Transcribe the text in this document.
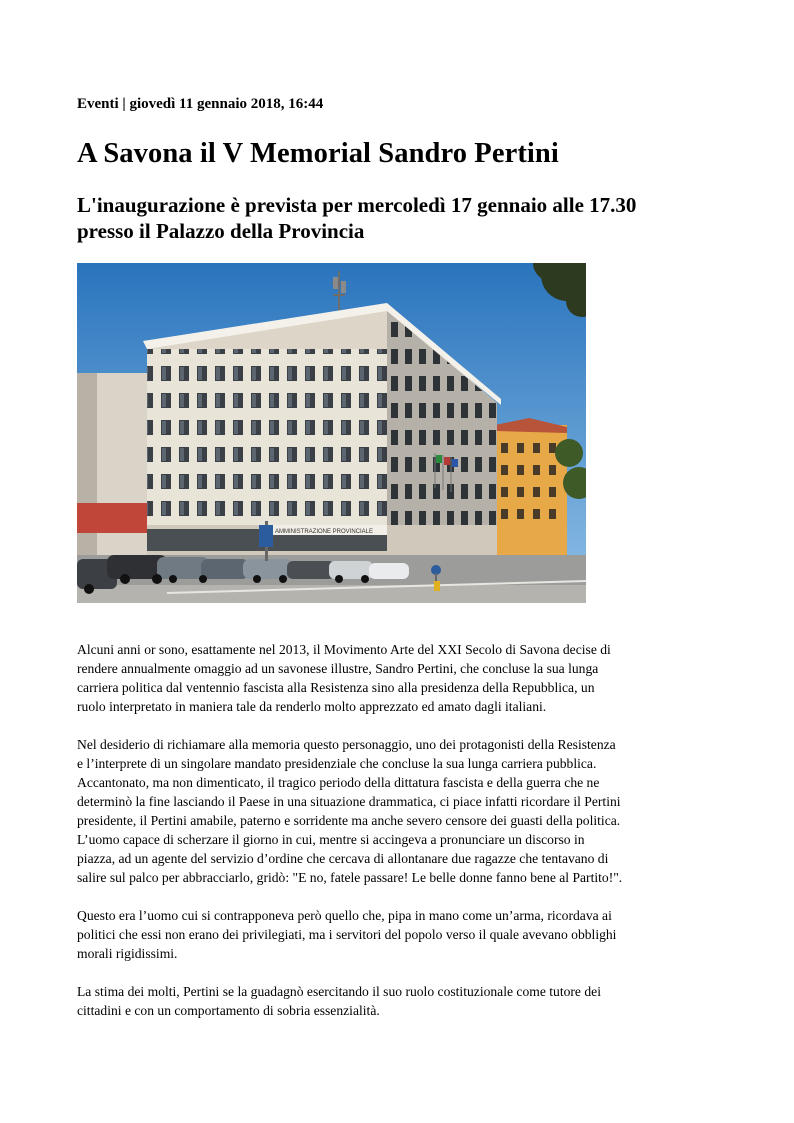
Eventi | giovedì 11 gennaio 2018, 16:44
A Savona il V Memorial Sandro Pertini
L'inaugurazione è prevista per mercoledì 17 gennaio alle 17.30
presso il Palazzo della Provincia
AMMINISTRAZIONE PROVINCIALE

Alcuni anni or sono, esattamente nel 2013, il Movimento Arte del XXI Secolo di Savona decise di
rendere annualmente omaggio ad un savonese illustre, Sandro Pertini, che concluse la sua lunga
carriera politica dal ventennio fascista alla Resistenza sino alla presidenza della Repubblica, un
ruolo interpretato in maniera tale da renderlo molto apprezzato ed amato dagli italiani.

Nel desiderio di richiamare alla memoria questo personaggio, uno dei protagonisti della Resistenza
e l’interprete di un singolare mandato presidenziale che concluse la sua lunga carriera pubblica.
Accantonato, ma non dimenticato, il tragico periodo della dittatura fascista e della guerra che ne
determinò la fine lasciando il Paese in una situazione drammatica, ci piace infatti ricordare il Pertini
presidente, il Pertini amabile, paterno e sorridente ma anche severo censore dei guasti della politica.
L’uomo capace di scherzare il giorno in cui, mentre si accingeva a pronunciare un discorso in
piazza, ad un agente del servizio d’ordine che cercava di allontanare due ragazze che tentavano di
salire sul palco per abbracciarlo, gridò: "E no, fatele passare! Le belle donne fanno bene al Partito!".

Questo era l’uomo cui si contrapponeva però quello che, pipa in mano come un’arma, ricordava ai
politici che essi non erano dei privilegiati, ma i servitori del popolo verso il quale avevano obblighi
morali rigidissimi.

La stima dei molti, Pertini se la guadagnò esercitando il suo ruolo costituzionale come tutore dei
cittadini e con un comportamento di sobria essenzialità.
